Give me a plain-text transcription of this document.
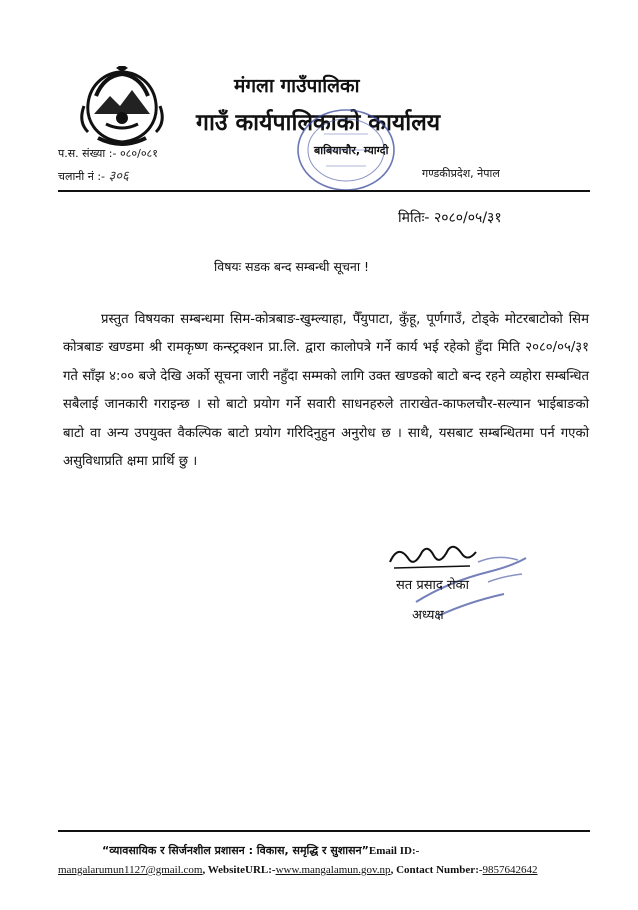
मंगला गाउँपालिका
गाउँ कार्यपालिकाको कार्यालय
बाबियाचौर, म्याग्दी
गण्डकीप्रदेश, नेपाल
प.स. संख्या :- ०८०/०८१
चलानी नं :- ३०६
मितिः- २०८०/०५/३१
विषयः सडक बन्द सम्बन्धी सूचना !
प्रस्तुत विषयका सम्बन्धमा सिम-कोत्रबाङ-खुम्ल्याहा, पैँयुपाटा, कुँहू, पूर्णगाउँ, टोड्के मोटरबाटोको सिम कोत्रबाङ खण्डमा श्री रामकृष्ण कन्स्ट्रक्शन प्रा.लि. द्वारा कालोपत्रे गर्ने कार्य भई रहेको हुँदा मिति २०८०/०५/३१ गते साँझ ४:०० बजे देखि अर्को सूचना जारी नहुँदा सम्मको लागि उक्त खण्डको बाटो बन्द रहने व्यहोरा सम्बन्धित सबैलाई जानकारी गराइन्छ । सो बाटो प्रयोग गर्ने सवारी साधनहरुले ताराखेत-काफलचौर-सल्यान भाईबाङको बाटो वा अन्य उपयुक्त वैकल्पिक बाटो प्रयोग गरिदिनुहुन अनुरोध छ । साथै, यसबाट सम्बन्धितमा पर्न गएको असुविधाप्रति क्षमा प्रार्थि छु ।
सत प्रसाद रोका
अध्यक्ष
“व्यावसायिक र सिर्जनशील प्रशासन : विकास, समृद्धि र सुशासन”Email ID:-
mangalarumun1127@gmail.com, WebsiteURL:-www.mangalamun.gov.np, Contact Number:-9857642642
